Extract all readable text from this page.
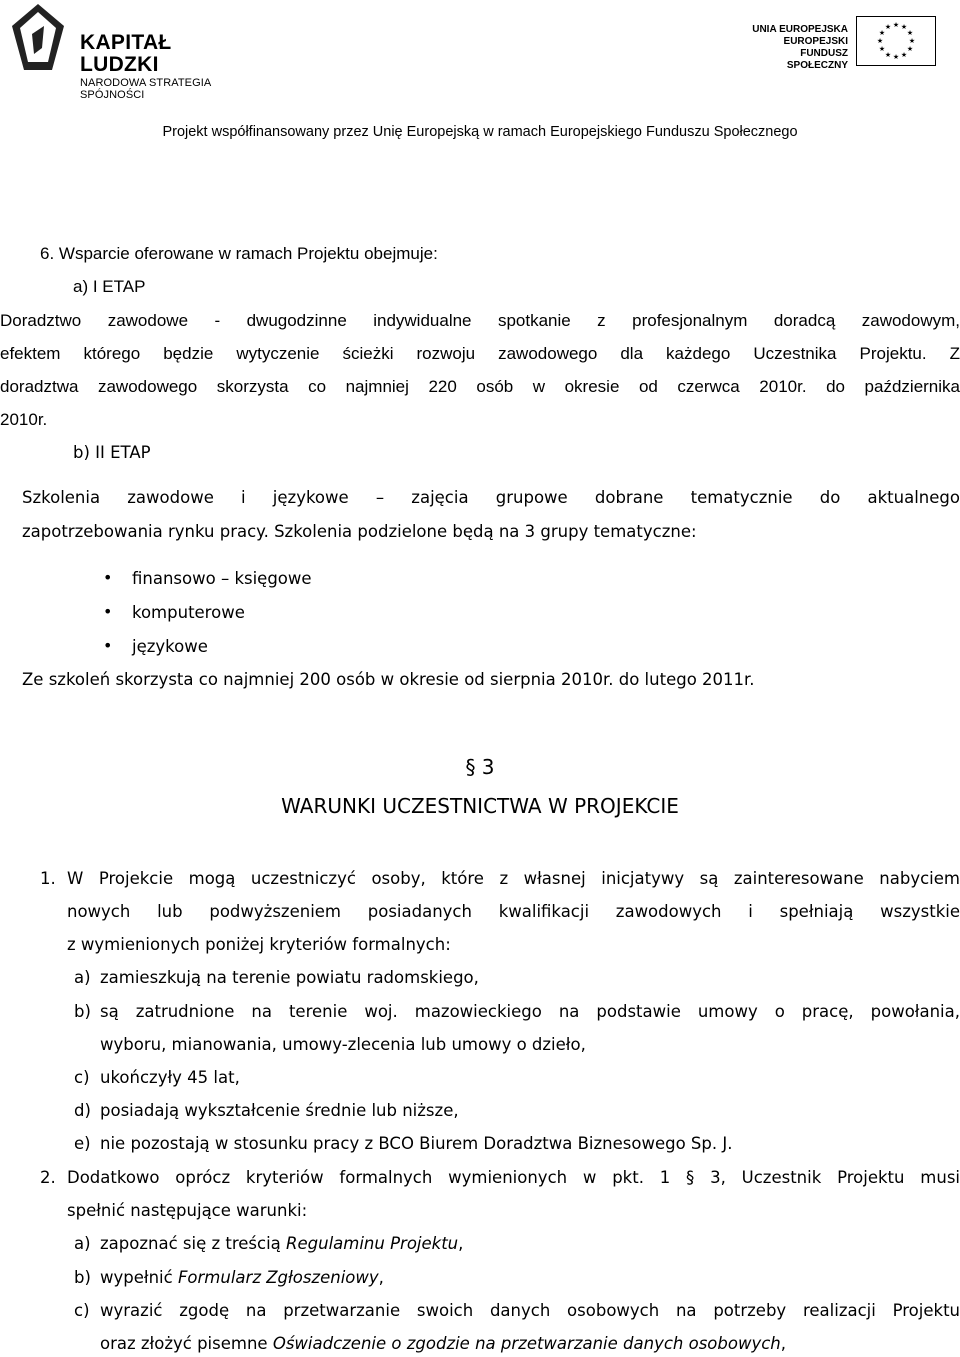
KAPITAŁ LUDZKI
NARODOWA STRATEGIA SPÓJNOŚCI
UNIA EUROPEJSKA
EUROPEJSKI
FUNDUSZ SPOŁECZNY
★ ★
★
★
★
★
★
★
★
★
★
★
Projekt współfinansowany przez Unię Europejską w ramach Europejskiego Funduszu Społecznego
6. Wsparcie oferowane w ramach Projektu obejmuje:
a) I ETAP
Doradztwo zawodowe - dwugodzinne indywidualne spotkanie z profesjonalnym doradcą zawodowym,
efektem którego będzie wytyczenie ścieżki rozwoju zawodowego dla każdego Uczestnika Projektu. Z
doradztwa zawodowego skorzysta co najmniej 220 osób w okresie od czerwca 2010r. do października
2010r.
b) II ETAP
Szkolenia zawodowe i językowe – zajęcia grupowe dobrane tematycznie do aktualnego
zapotrzebowania rynku pracy. Szkolenia podzielone będą na 3 grupy tematyczne:
• finansowo – księgowe
• komputerowe
• językowe
Ze szkoleń skorzysta co najmniej 200 osób w okresie od sierpnia 2010r. do lutego 2011r.
§ 3
WARUNKI UCZESTNICTWA W PROJEKCIE
1. W Projekcie mogą uczestniczyć osoby, które z własnej inicjatywy są zainteresowane nabyciem
nowych lub podwyższeniem posiadanych kwalifikacji zawodowych i spełniają wszystkie
z wymienionych poniżej kryteriów formalnych:
a) zamieszkują na terenie powiatu radomskiego,
b) są zatrudnione na terenie woj. mazowieckiego na podstawie umowy o pracę, powołania,
wyboru, mianowania, umowy-zlecenia lub umowy o dzieło,
c) ukończyły 45 lat,
d) posiadają wykształcenie średnie lub niższe,
e) nie pozostają w stosunku pracy z BCO Biurem Doradztwa Biznesowego Sp. J.
2. Dodatkowo oprócz kryteriów formalnych wymienionych w pkt. 1 § 3, Uczestnik Projektu musi
spełnić następujące warunki:
a) zapoznać się z treścią Regulaminu Projektu,
b) wypełnić Formularz Zgłoszeniowy,
c) wyrazić zgodę na przetwarzanie swoich danych osobowych na potrzeby realizacji Projektu
oraz złożyć pisemne Oświadczenie o zgodzie na przetwarzanie danych osobowych,
